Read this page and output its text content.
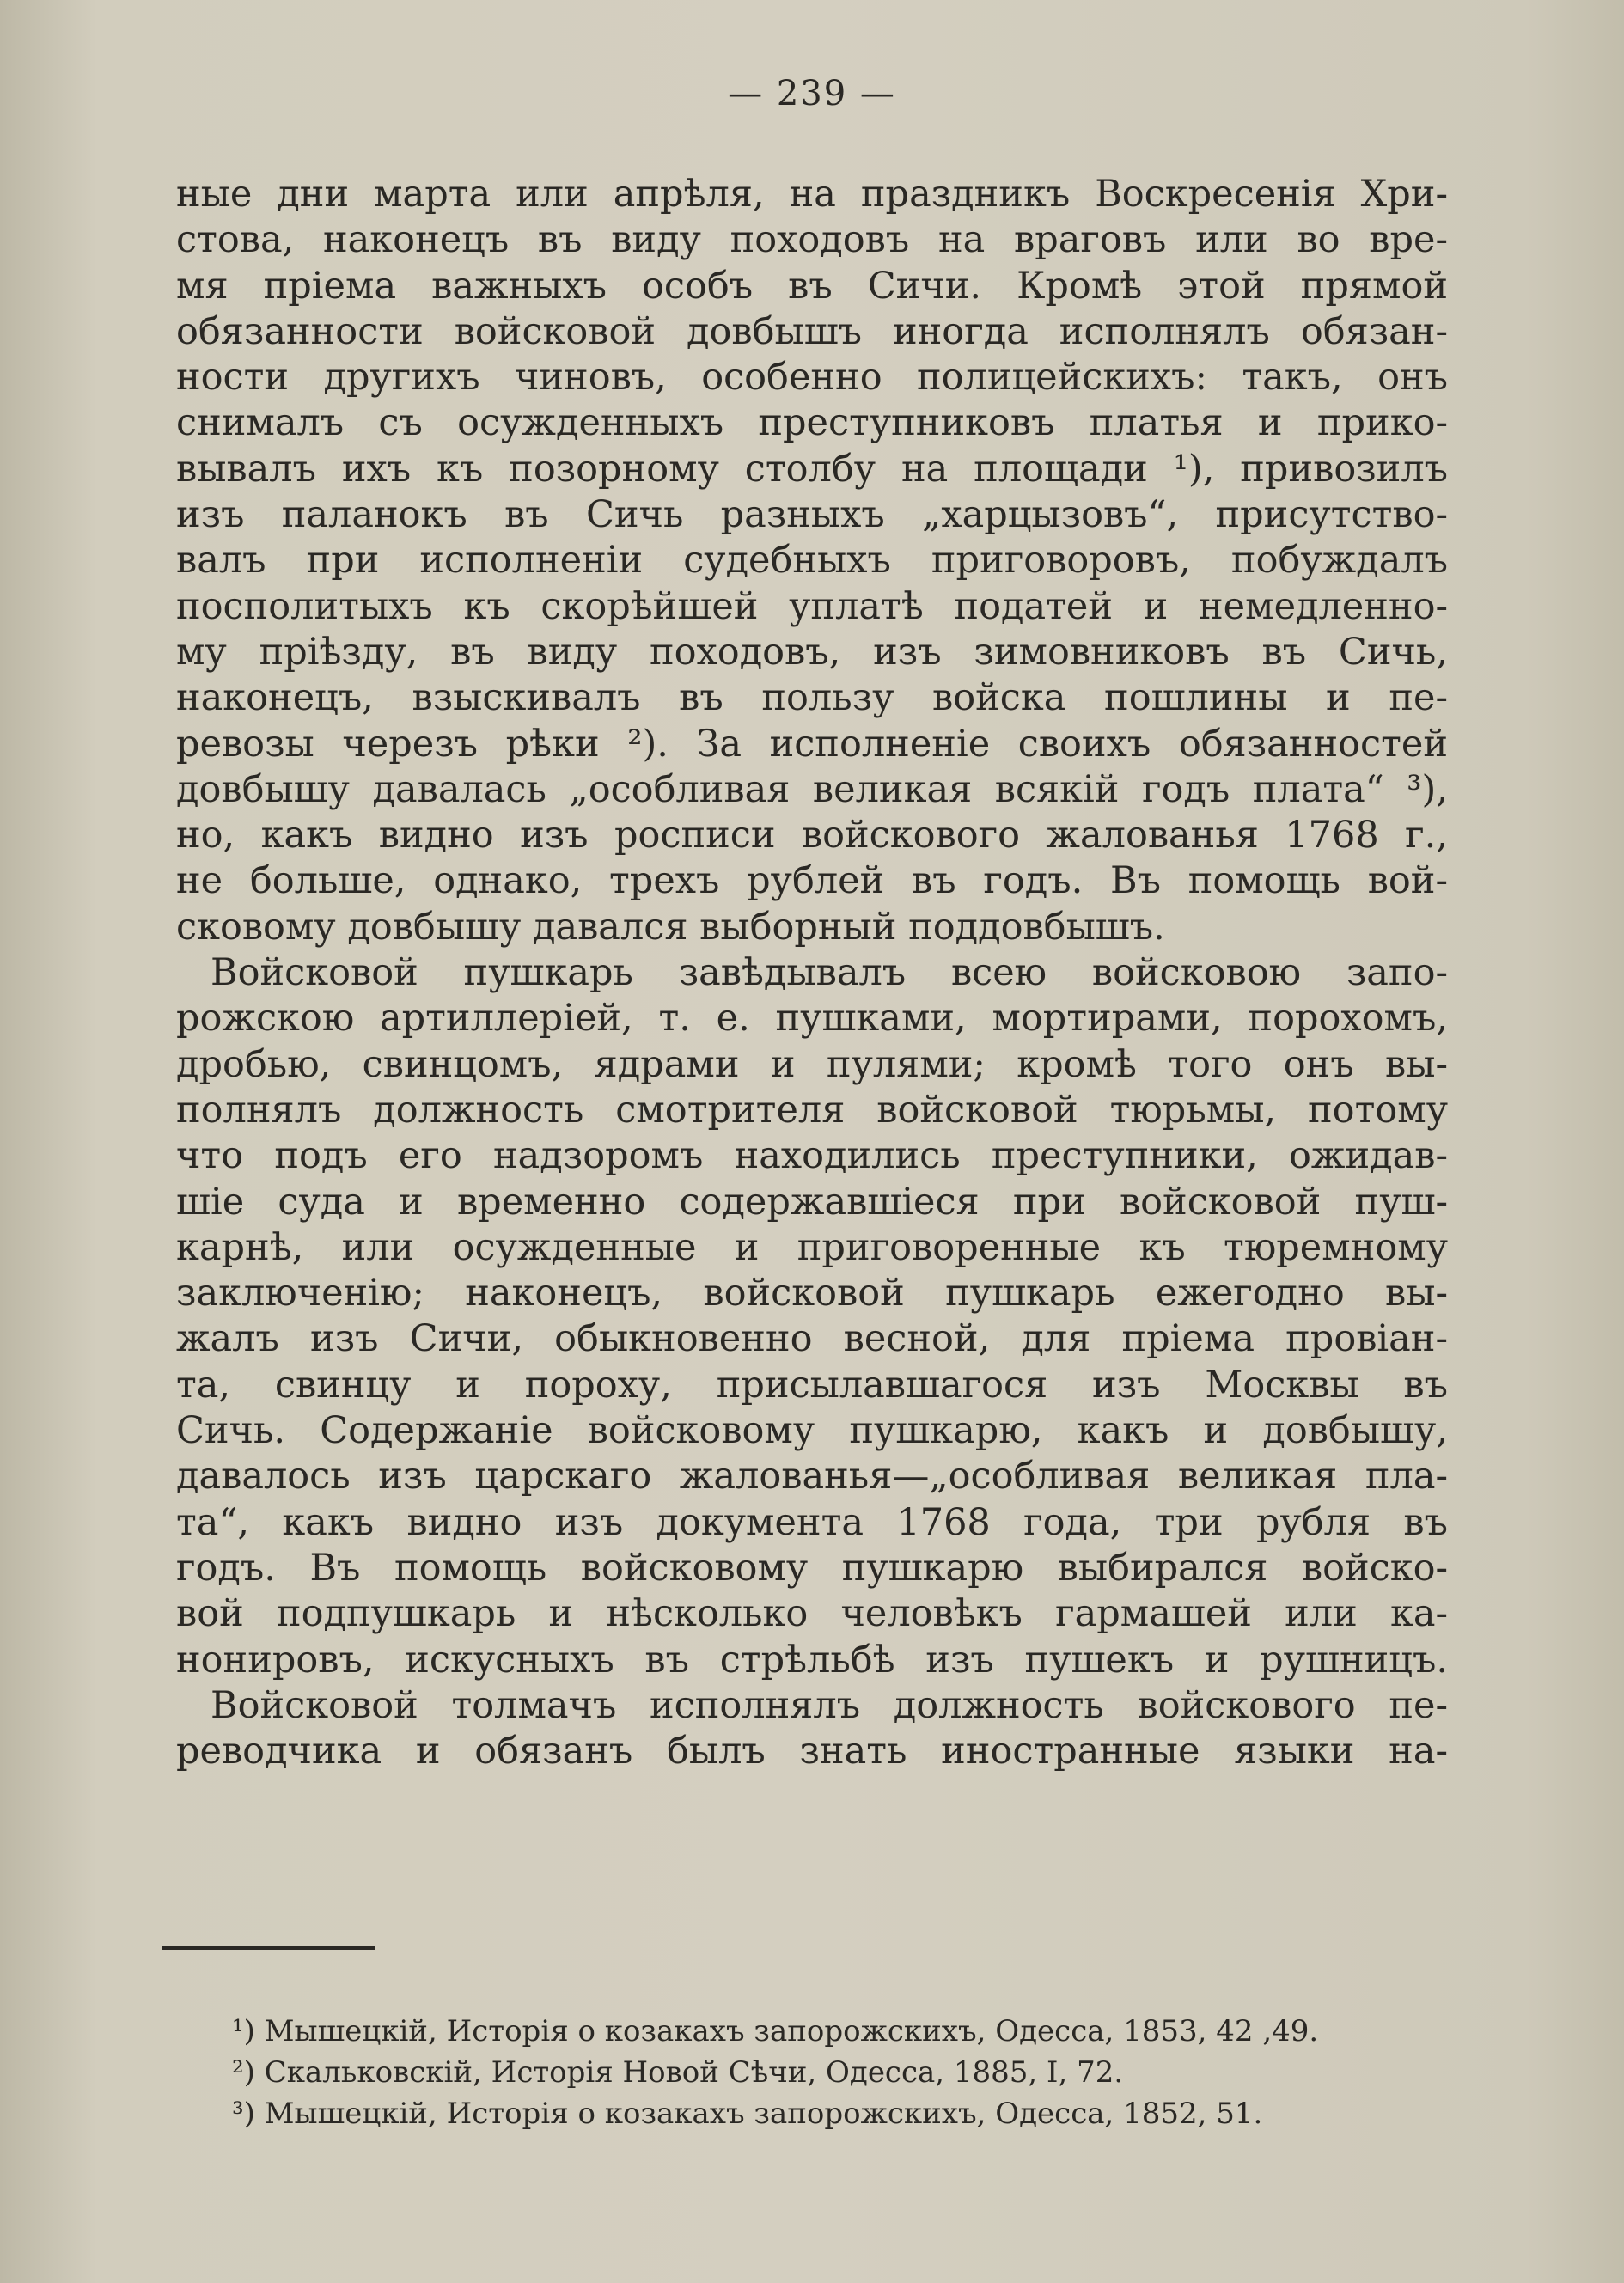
— 239 —
ные дни марта или апрѣля, на праздникъ Воскресенія Хри-
стова, наконецъ въ виду походовъ на враговъ или во вре-
мя пріема важныхъ особъ въ Сичи. Кромѣ этой прямой
обязанности войсковой довбышъ иногда исполнялъ обязан-
ности другихъ чиновъ, особенно полицейскихъ: такъ, онъ
снималъ съ осужденныхъ преступниковъ платья и прико-
вывалъ ихъ къ позорному столбу на площади ¹), привозилъ
изъ паланокъ въ Сичь разныхъ „харцызовъ“, присутство-
валъ при исполненіи судебныхъ приговоровъ, побуждалъ
посполитыхъ къ скорѣйшей уплатѣ податей и немедленно-
му пріѣзду, въ виду походовъ, изъ зимовниковъ въ Сичь,
наконецъ, взыскивалъ въ пользу войска пошлины и пе-
ревозы черезъ рѣки ²). За исполненіе своихъ обязанностей
довбышу давалась „особливая великая всякій годъ плата“ ³),
но, какъ видно изъ росписи войскового жалованья 1768 г.,
не больше, однако, трехъ рублей въ годъ. Въ помощь вой-
сковому довбышу давался выборный поддовбышъ.
Войсковой пушкарь завѣдывалъ всею войсковою запо-
рожскою артиллеріей, т. е. пушками, мортирами, порохомъ,
дробью, свинцомъ, ядрами и пулями; кромѣ того онъ вы-
полнялъ должность смотрителя войсковой тюрьмы, потому
что подъ его надзоромъ находились преступники, ожидав-
шіе суда и временно содержавшіеся при войсковой пуш-
карнѣ, или осужденные и приговоренные къ тюремному
заключенію; наконецъ, войсковой пушкарь ежегодно вы-
жалъ изъ Сичи, обыкновенно весной, для пріема провіан-
та, свинцу и пороху, присылавшагося изъ Москвы въ
Сичь. Содержаніе войсковому пушкарю, какъ и довбышу,
давалось изъ царскаго жалованья—„особливая великая пла-
та“, какъ видно изъ документа 1768 года, три рубля въ
годъ. Въ помощь войсковому пушкарю выбирался войско-
вой подпушкарь и нѣсколько человѣкъ гармашей или ка-
нонировъ, искусныхъ въ стрѣльбѣ изъ пушекъ и рушницъ.
Войсковой толмачъ исполнялъ должность войскового пе-
реводчика и обязанъ былъ знать иностранные языки на-
¹) Мышецкій, Исторія о козакахъ запорожскихъ, Одесса, 1853, 42 ,49.
²) Скальковскій, Исторія Новой Сѣчи, Одесса, 1885, I, 72.
³) Мышецкій, Исторія о козакахъ запорожскихъ, Одесса, 1852, 51.
